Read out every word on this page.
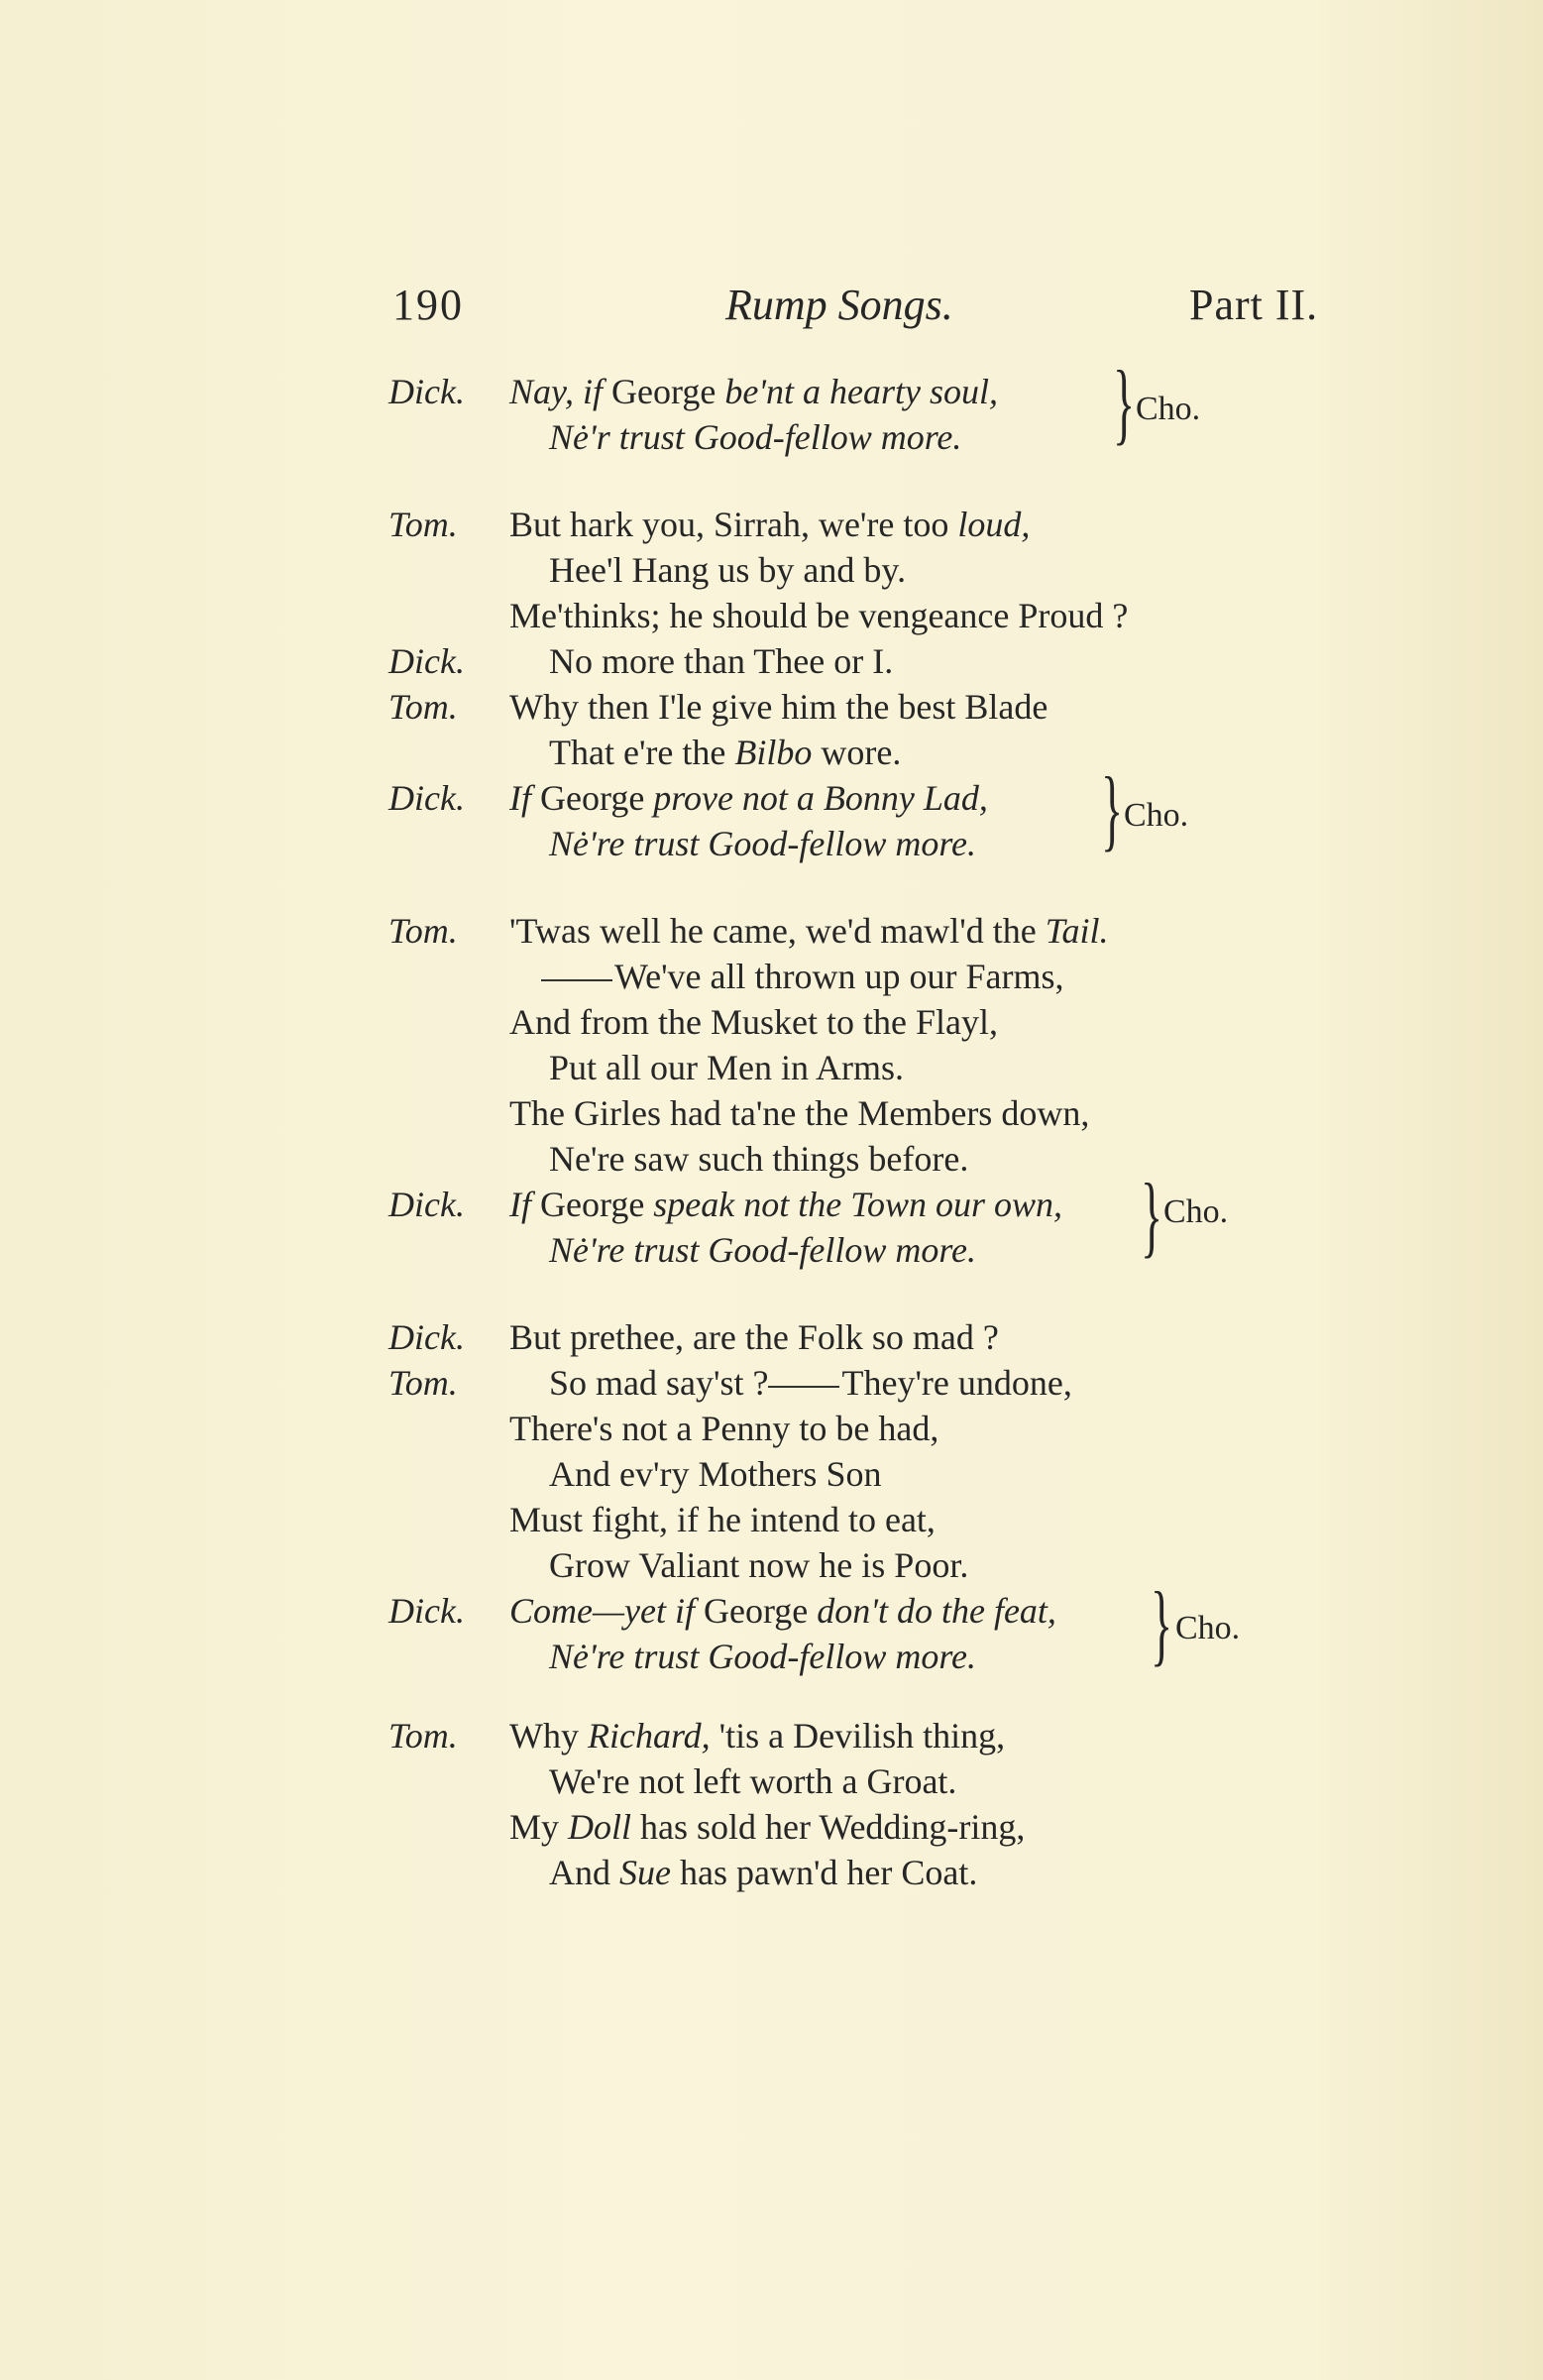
190	Rump Songs.	Part II.
Dick. Nay, if George be'nt a hearty soul,
Nė'r trust Good-fellow more. } Cho.
Tom. But hark you, Sirrah, we're too loud,
Hee'l Hang us by and by.
Me'thinks; he should be vengeance Proud ?
Dick. No more than Thee or I.
Tom. Why then I'le give him the best Blade
That e're the Bilbo wore.
Dick. If George prove not a Bonny Lad,
Nė're trust Good-fellow more. } Cho.
Tom. 'Twas well he came, we'd mawl'd the Tail.
We've all thrown up our Farms,
And from the Musket to the Flayl,
Put all our Men in Arms.
The Girles had ta'ne the Members down,
Ne're saw such things before.
Dick. If George speak not the Town our own,
Nė're trust Good-fellow more. } Cho.
Dick. But prethee, are the Folk so mad ?
Tom.	So mad say'st ? They're undone,
There's not a Penny to be had,
And ev'ry Mothers Son
Must fight, if he intend to eat,
Grow Valiant now he is Poor.
Dick. Come—yet if George don't do the feat,
Nė're trust Good-fellow more. } Cho.
Tom. Why Richard, 'tis a Devilish thing,
We're not left worth a Groat.
My Doll has sold her Wedding-ring,
And Sue has pawn'd her Coat.
